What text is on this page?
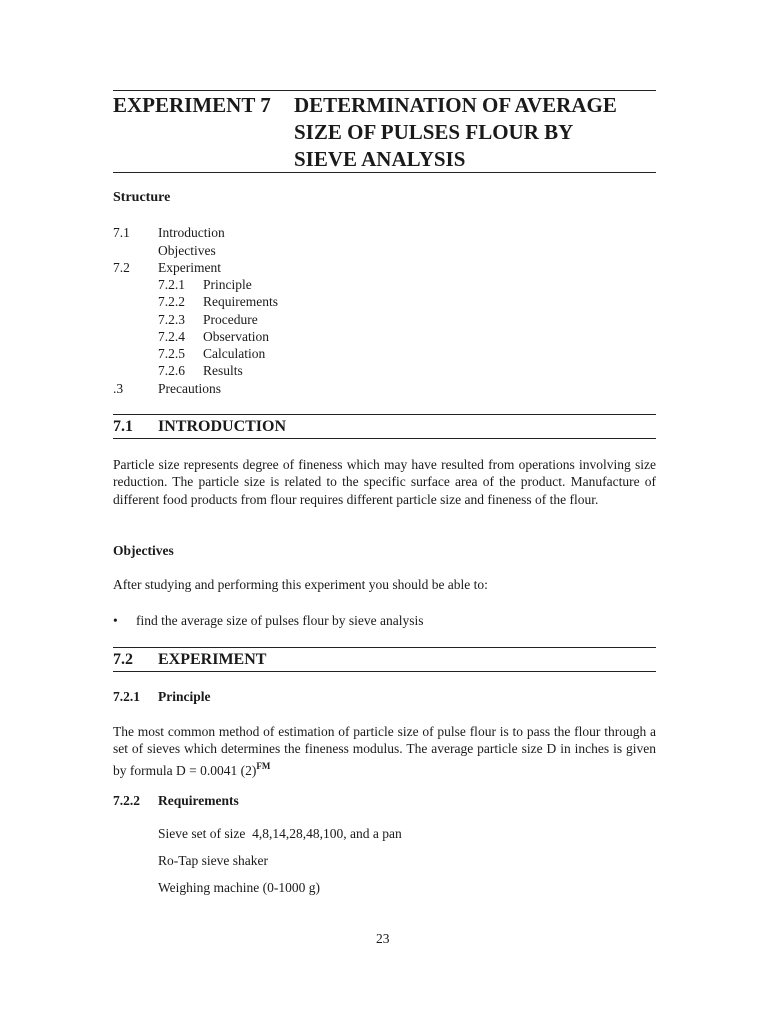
EXPERIMENT 7 DETERMINATION OF AVERAGE
SIZE OF PULSES FLOUR BY
SIEVE ANALYSIS
Structure
7.1 Introduction
Objectives
7.2 Experiment
7.2.1 Principle
7.2.2 Requirements
7.2.3 Procedure
7.2.4 Observation
7.2.5 Calculation
7.2.6 Results
.3	Precautions
7.1 INTRODUCTION
Particle size represents degree of fineness which may have resulted from operations involving size reduction. The particle size is related to the specific surface area of the product. Manufacture of different food products from flour requires different particle size and fineness of the flour.
Objectives
After studying and performing this experiment you should be able to:
• find the average size of pulses flour by sieve analysis
7.2 EXPERIMENT
7.2.1 Principle
The most common method of estimation of particle size of pulse flour is to pass the flour through a set of sieves which determines the fineness modulus. The average particle size D in inches is given by formula D = 0.0041 $(2)^{FM}$
7.2.2 Requirements
Sieve set of size  4,8,14,28,48,100, and a pan
Ro-Tap sieve shaker
Weighing machine (0-1000 g)
23
